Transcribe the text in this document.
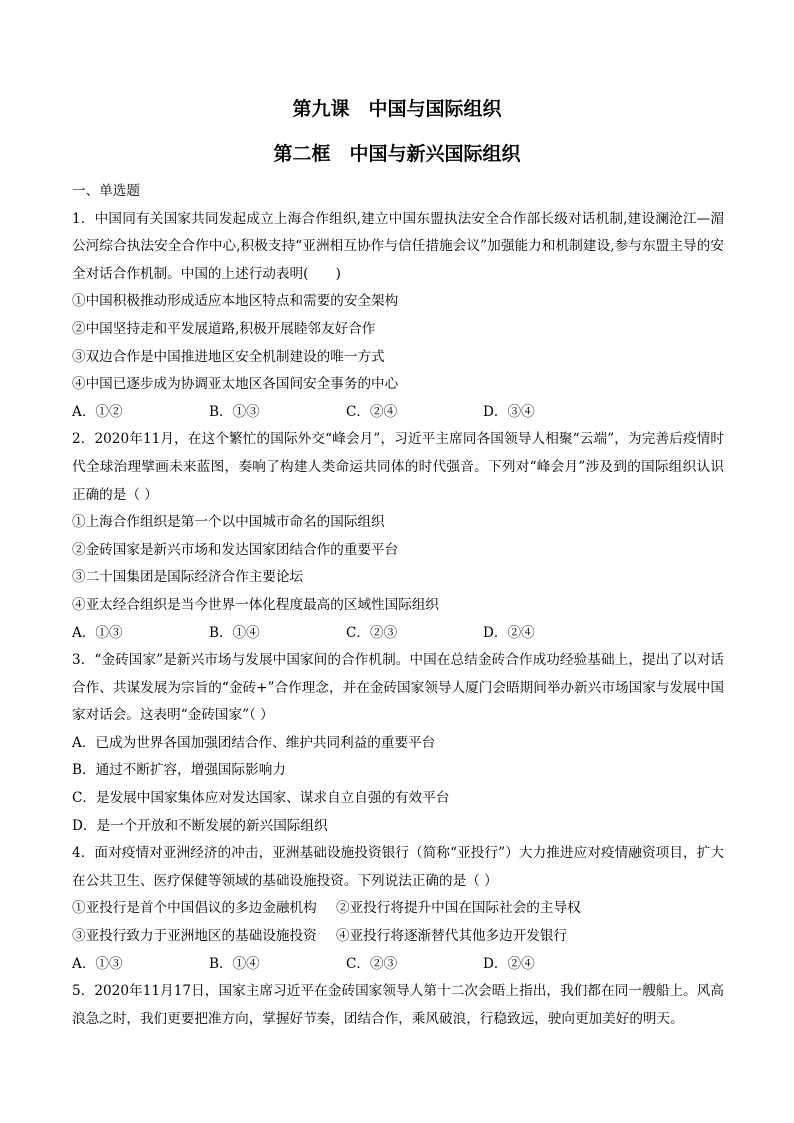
第九课　中国与国际组织
第二框　中国与新兴国际组织

一、单选题

1．中国同有关国家共同发起成立上海合作组织,建立中国东盟执法安全合作部长级对话机制,建设澜沧江—湄公河综合执法安全合作中心,积极支持“亚洲相互协作与信任措施会议”加强能力和机制建设,参与东盟主导的安全对话合作机制。中国的上述行动表明(　　)

①中国积极推动形成适应本地区特点和需要的安全架构

②中国坚持走和平发展道路,积极开展睦邻友好合作

③双边合作是中国推进地区安全机制建设的唯一方式

④中国已逐步成为协调亚太地区各国间安全事务的中心

A．①②	B．①③	C．②④	D．③④

2．2020年11月，在这个繁忙的国际外交“峰会月”，习近平主席同各国领导人相聚“云端”，为完善后疫情时代全球治理擘画未来蓝图，奏响了构建人类命运共同体的时代强音。下列对“峰会月”涉及到的国际组织认识正确的是（ ）

①上海合作组织是第一个以中国城市命名的国际组织

②金砖国家是新兴市场和发达国家团结合作的重要平台

③二十国集团是国际经济合作主要论坛

④亚太经合组织是当今世界一体化程度最高的区域性国际组织

A．①③	B．①④	C．②③	D．②④

3．“金砖国家”是新兴市场与发展中国家间的合作机制。中国在总结金砖合作成功经验基础上，提出了以对话合作、共谋发展为宗旨的“金砖+”合作理念，并在金砖国家领导人厦门会晤期间举办新兴市场国家与发展中国家对话会。这表明“金砖国家”（ ）

A．已成为世界各国加强团结合作、维护共同利益的重要平台

B．通过不断扩容，增强国际影响力

C．是发展中国家集体应对发达国家、谋求自立自强的有效平台

D．是一个开放和不断发展的新兴国际组织

4．面对疫情对亚洲经济的冲击，亚洲基础设施投资银行（简称“亚投行”）大力推进应对疫情融资项目，扩大在公共卫生、医疗保健等领域的基础设施投资。下列说法正确的是（ ）

①亚投行是首个中国倡议的多边金融机构 ②亚投行将提升中国在国际社会的主导权

③亚投行致力于亚洲地区的基础设施投资 ④亚投行将逐渐替代其他多边开发银行

A．①③	B．①④	C．②③	D．②④

5．2020年11月17日，国家主席习近平在金砖国家领导人第十二次会晤上指出，我们都在同一艘船上。风高浪急之时，我们更要把准方向，掌握好节奏，团结合作，乘风破浪，行稳致远，驶向更加美好的明天。
